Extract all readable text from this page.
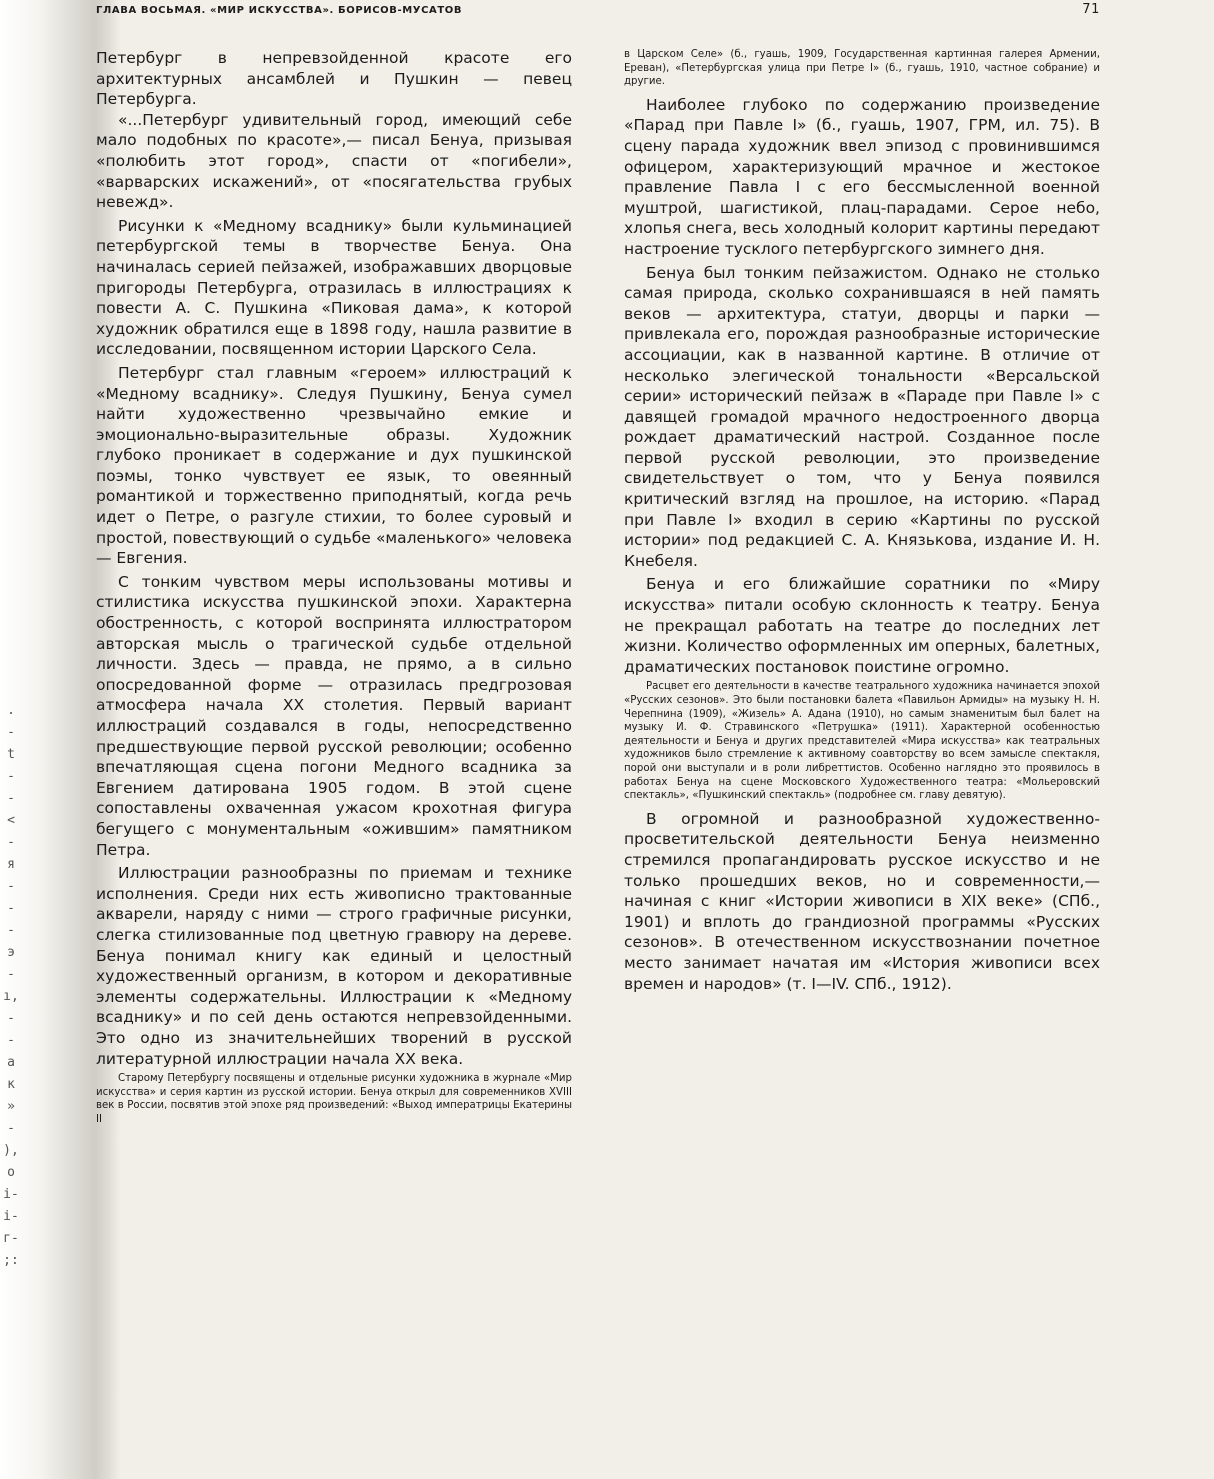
.
-
t
-
-
<
-
я
-
-
-
э
-
ı,
-
-
a
к
»
-
),
о
i-
i-
г-
;:
ГЛАВА ВОСЬМАЯ. «МИР ИСКУССТВА». БОРИСОВ-МУСАТОВ	71

Петербург в непревзойденной красоте его архитектурных ансамблей и Пушкин — певец Петербурга.

«...Петербург удивительный город, имеющий себе мало подобных по красоте»,— писал Бенуа, призывая «полюбить этот город», спасти от «погибели», «варварских искажений», от «посягательства грубых невежд».

Рисунки к «Медному всаднику» были кульминацией петербургской темы в творчестве Бенуа. Она начиналась серией пейзажей, изображавших дворцовые пригороды Петербурга, отразилась в иллюстрациях к повести А. С. Пушкина «Пиковая дама», к которой художник обратился еще в 1898 году, нашла развитие в исследовании, посвященном истории Царского Села.

Петербург стал главным «героем» иллюстраций к «Медному всаднику». Следуя Пушкину, Бенуа сумел найти художественно чрезвычайно емкие и эмоционально-выразительные образы. Художник глубоко проникает в содержание и дух пушкинской поэмы, тонко чувствует ее язык, то овеянный романтикой и торжественно приподнятый, когда речь идет о Петре, о разгуле стихии, то более суровый и простой, повествующий о судьбе «маленького» человека — Евгения.

С тонким чувством меры использованы мотивы и стилистика искусства пушкинской эпохи. Характерна обостренность, с которой воспринята иллюстратором авторская мысль о трагической судьбе отдельной личности. Здесь — правда, не прямо, а в сильно опосредованной форме — отразилась предгрозовая атмосфера начала XX столетия. Первый вариант иллюстраций создавался в годы, непосредственно предшествующие первой русской революции; особенно впечатляющая сцена погони Медного всадника за Евгением датирована 1905 годом. В этой сцене сопоставлены охваченная ужасом крохотная фигура бегущего с монументальным «ожившим» памятником Петра.

Иллюстрации разнообразны по приемам и технике исполнения. Среди них есть живописно трактованные акварели, наряду с ними — строго графичные рисунки, слегка стилизованные под цветную гравюру на дереве. Бенуа понимал книгу как единый и целостный художественный организм, в котором и декоративные элементы содержательны. Иллюстрации к «Медному всаднику» и по сей день остаются непревзойденными. Это одно из значительнейших творений в русской литературной иллюстрации начала XX века.

Старому Петербургу посвящены и отдельные рисунки художника в журнале «Мир искусства» и серия картин из русской истории. Бенуа открыл для современников XVIII век в России, посвятив этой эпохе ряд произведений: «Выход императрицы Екатерины II

в Царском Селе» (б., гуашь, 1909, Государственная картинная галерея Армении, Ереван), «Петербургская улица при Петре I» (б., гуашь, 1910, частное собрание) и другие.

Наиболее глубоко по содержанию произведение «Парад при Павле I» (б., гуашь, 1907, ГРМ, ил. 75). В сцену парада художник ввел эпизод с провинившимся офицером, характеризующий мрачное и жестокое правление Павла I с его бессмысленной военной муштрой, шагистикой, плац-парадами. Серое небо, хлопья снега, весь холодный колорит картины передают настроение тусклого петербургского зимнего дня.

Бенуа был тонким пейзажистом. Однако не столько самая природа, сколько сохранившаяся в ней память веков — архитектура, статуи, дворцы и парки — привлекала его, порождая разнообразные исторические ассоциации, как в названной картине. В отличие от несколько элегической тональности «Версальской серии» исторический пейзаж в «Параде при Павле I» с давящей громадой мрачного недостроенного дворца рождает драматический настрой. Созданное после первой русской революции, это произведение свидетельствует о том, что у Бенуа появился критический взгляд на прошлое, на историю. «Парад при Павле I» входил в серию «Картины по русской истории» под редакцией С. А. Князькова, издание И. Н. Кнебеля.

Бенуа и его ближайшие соратники по «Миру искусства» питали особую склонность к театру. Бенуа не прекращал работать на театре до последних лет жизни. Количество оформленных им оперных, балетных, драматических постановок поистине огромно.

Расцвет его деятельности в качестве театрального художника начинается эпохой «Русских сезонов». Это были постановки балета «Павильон Армиды» на музыку Н. Н. Черепнина (1909), «Жизель» А. Адана (1910), но самым знаменитым был балет на музыку И. Ф. Стравинского «Петрушка» (1911). Характерной особенностью деятельности и Бенуа и других представителей «Мира искусства» как театральных художников было стремление к активному соавторству во всем замысле спектакля, порой они выступали и в роли либреттистов. Особенно наглядно это проявилось в работах Бенуа на сцене Московского Художественного театра: «Мольеровский спектакль», «Пушкинский спектакль» (подробнее см. главу девятую).

В огромной и разнообразной художественно-просветительской деятельности Бенуа неизменно стремился пропагандировать русское искусство и не только прошедших веков, но и современности,— начиная с книг «Истории живописи в XIX веке» (СПб., 1901) и вплоть до грандиозной программы «Русских сезонов». В отечественном искусствознании почетное место занимает начатая им «История живописи всех времен и народов» (т. I—IV. СПб., 1912).
